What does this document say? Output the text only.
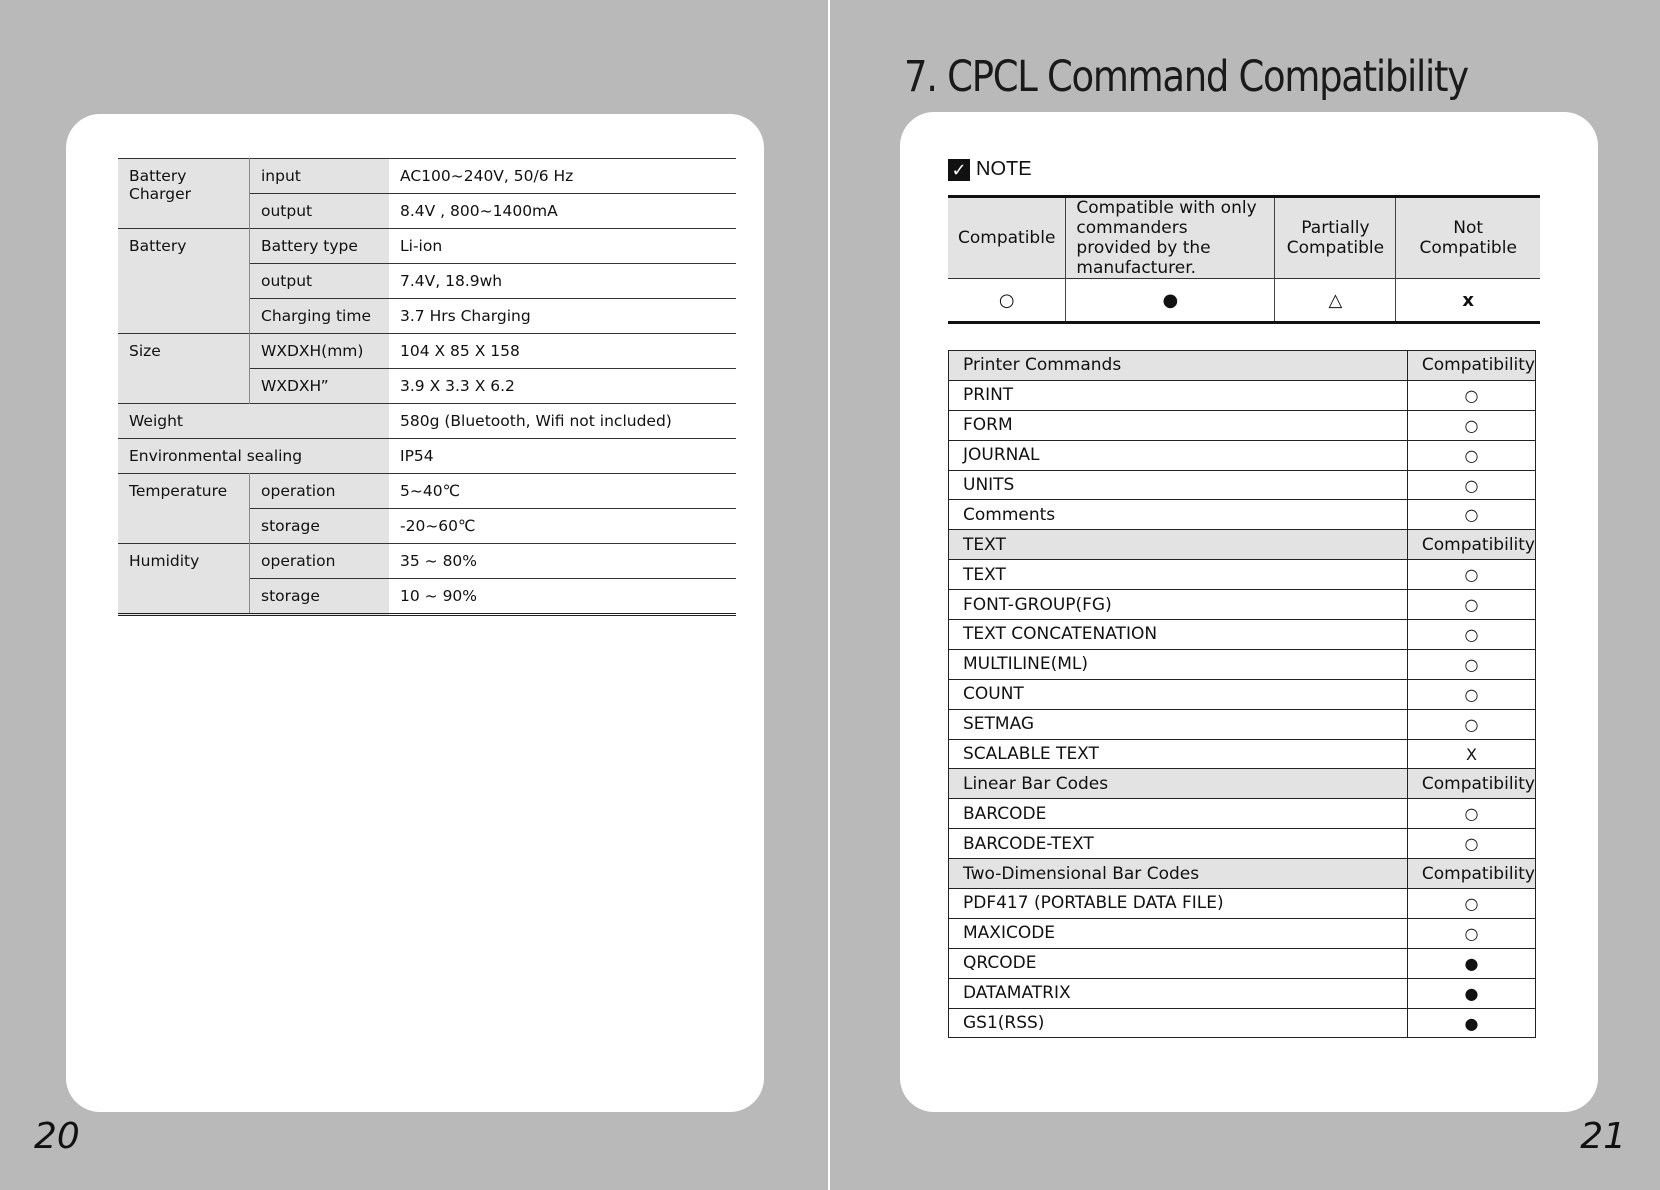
Battery Charger	input	AC100~240V, 50/6 Hz
	output	8.4V , 800~1400mA
Battery	Battery type	Li-ion
	output	7.4V, 18.9wh
	Charging time	3.7 Hrs Charging
Size	WXDXH(mm)	104 X 85 X 158
	WXDXH”	3.9 X 3.3 X 6.2
Weight		580g (Bluetooth, Wifi not included)
Environmental sealing		IP54
Temperature	operation	5~40℃
	storage	-20~60℃
Humidity	operation	35 ~ 80%
	storage	10 ~ 90%
7. CPCL Command Compatibility
✓ NOTE
Compatible	Compatible with only commanders provided by the manufacturer.	Partially Compatible	Not Compatible
○	●	△	x
Printer Commands	Compatibility
PRINT	○
FORM	○
JOURNAL	○
UNITS	○
Comments	○
TEXT	Compatibility
TEXT	○
FONT-GROUP(FG)	○
TEXT CONCATENATION	○
MULTILINE(ML)	○
COUNT	○
SETMAG	○
SCALABLE TEXT	X
Linear Bar Codes	Compatibility
BARCODE	○
BARCODE-TEXT	○
Two-Dimensional Bar Codes	Compatibility
PDF417 (PORTABLE DATA FILE)	○
MAXICODE	○
QRCODE	●
DATAMATRIX	●
GS1(RSS)	●
20	21
